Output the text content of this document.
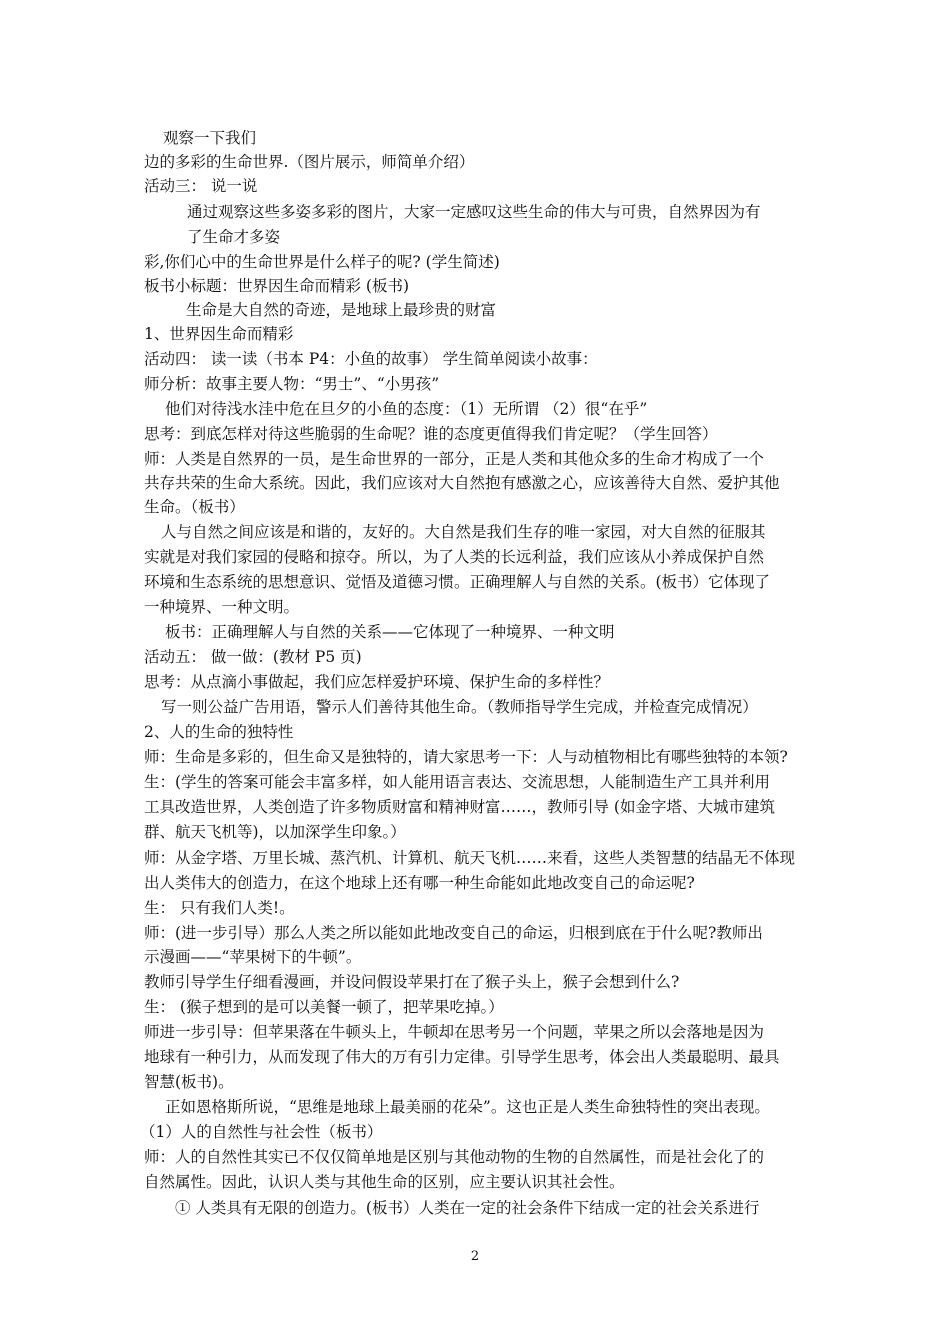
观察一下我们
边的多彩的生命世界.（图片展示，师简单介绍）
活动三： 说一说
通过观察这些多姿多彩的图片，大家一定感叹这些生命的伟大与可贵，自然界因为有
了生命才多姿
彩,你们心中的生命世界是什么样子的呢? (学生简述)
板书小标题：世界因生命而精彩 (板书)
生命是大自然的奇迹，是地球上最珍贵的财富
1、世界因生命而精彩
活动四： 读一读（书本 P4：小鱼的故事） 学生简单阅读小故事：
师分析：故事主要人物：“男士”、“小男孩”
他们对待浅水洼中危在旦夕的小鱼的态度：（1）无所谓 （2）很“在乎”
思考：到底怎样对待这些脆弱的生命呢？谁的态度更值得我们肯定呢？（学生回答）
师：人类是自然界的一员，是生命世界的一部分，正是人类和其他众多的生命才构成了一个
共存共荣的生命大系统。因此，我们应该对大自然抱有感激之心，应该善待大自然、爱护其他
生命。（板书）
人与自然之间应该是和谐的，友好的。大自然是我们生存的唯一家园，对大自然的征服其
实就是对我们家园的侵略和掠夺。所以，为了人类的长远利益，我们应该从小养成保护自然
环境和生态系统的思想意识、觉悟及道德习惯。正确理解人与自然的关系。(板书）它体现了
一种境界、一种文明。
板书：正确理解人与自然的关系——它体现了一种境界、一种文明
活动五： 做一做：(教材 P5 页)
思考：从点滴小事做起，我们应怎样爱护环境、保护生命的多样性？
写一则公益广告用语，警示人们善待其他生命。（教师指导学生完成，并检查完成情况）
2、人的生命的独特性
师：生命是多彩的，但生命又是独特的，请大家思考一下：人与动植物相比有哪些独特的本领?
生：(学生的答案可能会丰富多样，如人能用语言表达、交流思想，人能制造生产工具并利用
工具改造世界，人类创造了许多物质财富和精神财富……，教师引导 (如金字塔、大城市建筑
群、航天飞机等)，以加深学生印象。）
师：从金字塔、万里长城、蒸汽机、计算机、航天飞机……来看，这些人类智慧的结晶无不体现
出人类伟大的创造力，在这个地球上还有哪一种生命能如此地改变自己的命运呢?
生： 只有我们人类!。
师：(进一步引导）那么人类之所以能如此地改变自己的命运，归根到底在于什么呢?教师出
示漫画——“苹果树下的牛顿”。
教师引导学生仔细看漫画，并设问假设苹果打在了猴子头上，猴子会想到什么?
生： (猴子想到的是可以美餐一顿了，把苹果吃掉。）
师进一步引导：但苹果落在牛顿头上，牛顿却在思考另一个问题，苹果之所以会落地是因为
地球有一种引力，从而发现了伟大的万有引力定律。引导学生思考，体会出人类最聪明、最具
智慧(板书)。
正如恩格斯所说，“思维是地球上最美丽的花朵”。这也正是人类生命独特性的突出表现。
（1）人的自然性与社会性（板书）
师：人的自然性其实已不仅仅简单地是区别与其他动物的生物的自然属性，而是社会化了的
自然属性。因此，认识人类与其他生命的区别，应主要认识其社会性。
① 人类具有无限的创造力。(板书）人类在一定的社会条件下结成一定的社会关系进行
2
